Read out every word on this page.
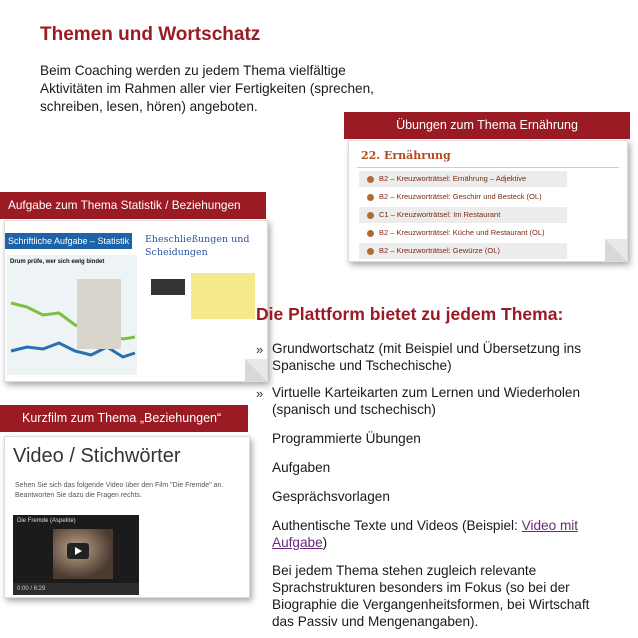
Themen und Wortschatz
Beim Coaching werden zu jedem Thema vielfältige Aktivitäten im Rahmen aller vier Fertigkeiten (sprechen, schreiben, lesen, hören) angeboten.
Übungen zum Thema Ernährung
22. Ernährung
B2 – Kreuzworträtsel: Ernährung – Adjektive
B2 – Kreuzworträtsel: Geschirr und Besteck (OL)
C1 – Kreuzworträtsel: Im Restaurant
B2 – Kreuzworträtsel: Küche und Restaurant (OL)
B2 – Kreuzworträtsel: Gewürze (OL)
Aufgabe zum Thema Statistik / Beziehungen
Schriftliche Aufgabe – Statistik	Eheschließungen und Scheidungen
Drum prüfe, wer sich ewig bindet
Kurzfilm zum Thema „Beziehungen“
Video / Stichwörter
Sehen Sie sich das folgende Video über den Film "Die Fremde" an. Beantworten Sie dazu die Fragen rechts.
Die Fremde (Aspekte)
0:00 / 6:29
Die Plattform bietet zu jedem Thema:
» Grundwortschatz (mit Beispiel und Übersetzung ins Spanische und Tschechische)
» Virtuelle Karteikarten zum Lernen und Wiederholen (spanisch und tschechisch)
Programmierte Übungen
Aufgaben
Gesprächsvorlagen
Authentische Texte und Videos (Beispiel: Video mit Aufgabe)
Bei jedem Thema stehen zugleich relevante Sprachstrukturen besonders im Fokus (so bei der Biographie die Vergangenheitsformen, bei Wirtschaft das Passiv und Mengenangaben).
